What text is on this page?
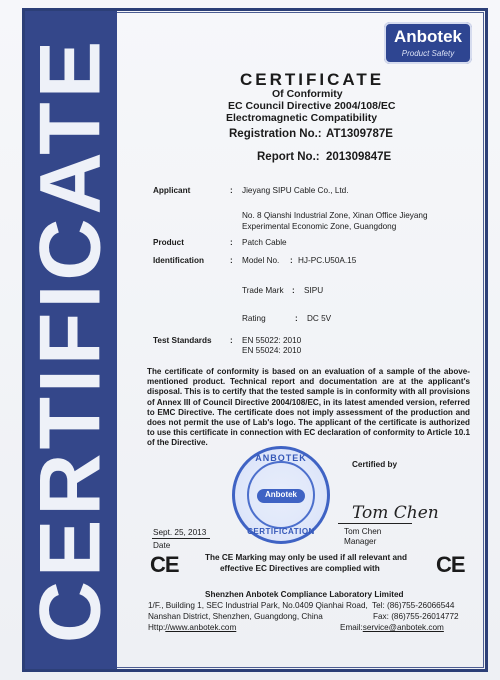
CERTIFICATE
Anbotek
Product Safety
CERTIFICATE
Of Conformity
EC Council Directive 2004/108/EC
Electromagnetic Compatibility
Registration No.: AT1309787E
Report No.: 201309847E
Applicant	: Jieyang SIPU Cable Co., Ltd.
No. 8 Qianshi Industrial Zone, Xinan Office Jieyang
Experimental Economic Zone, Guangdong
Product	: Patch Cable
Identification	: Model No. : HJ-PC.U50A.15
Trade Mark : SIPU
Rating	: DC 5V
Test Standards : EN 55022: 2010
EN 55024: 2010
The certificate of conformity is based on an evaluation of a sample of the above-mentioned product. Technical report and documentation are at the applicant's disposal. This is to certify that the tested sample is in conformity with all provisions of Annex III of Council Directive 2004/108/EC, in its latest amended version, referred to EMC Directive. The certificate does not imply assessment of the production and does not permit the use of Lab's logo. The applicant of the certificate is authorized to use this certificate in connection with EC declaration of conformity to Article 10.1 of the Directive.
Certified by
ANBOTEK
Anbotek
CERTIFICATION
Tom Chen
Tom Chen
Manager
Sept. 25, 2013
Date
CE	CE
The CE Marking may only be used if all relevant and
effective EC Directives are complied with
Shenzhen Anbotek Compliance Laboratory Limited
1/F., Building 1, SEC Industrial Park, No.0409 Qianhai Road,
Nanshan District, Shenzhen, Guangdong, China
Http://www.anbotek.com
Tel: (86)755-26066544
Fax: (86)755-26014772
Email:service@anbotek.com
